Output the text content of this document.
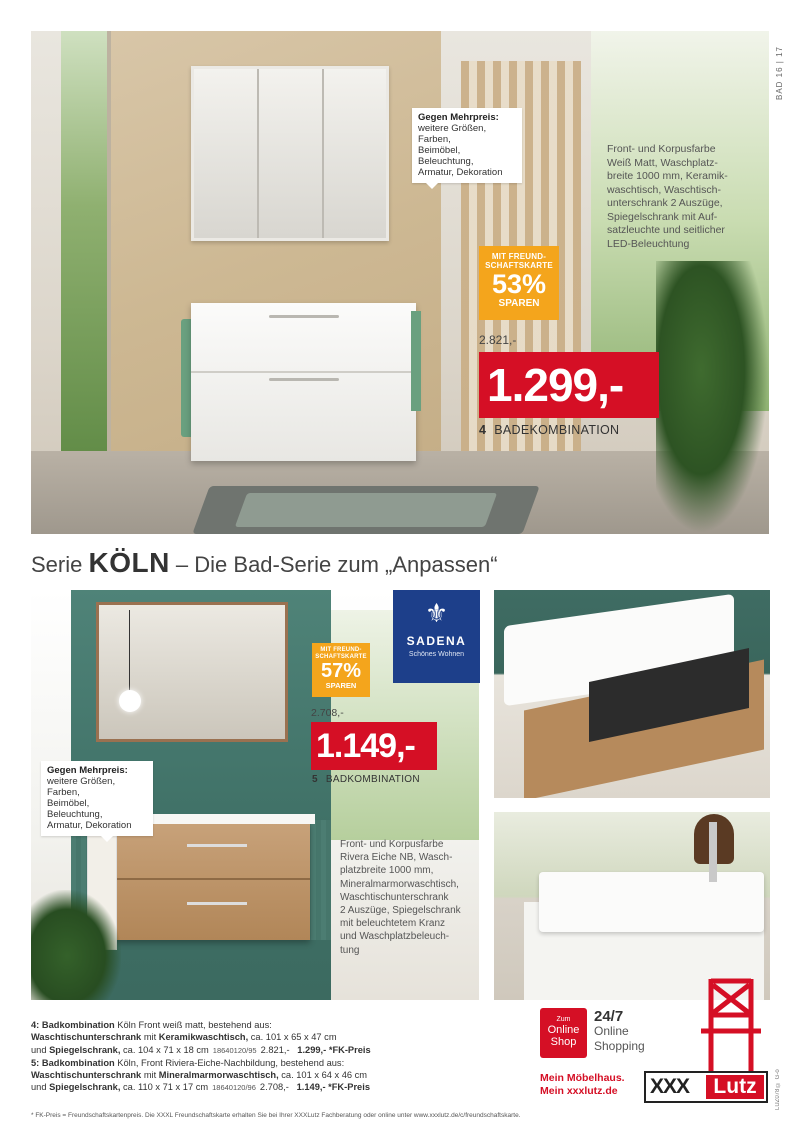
Gegen Mehrpreis:
weitere Größen, Farben,
Beimöbel, Beleuchtung,
Armatur, Dekoration
Front- und Korpusfarbe
Weiß Matt, Waschplatz-
breite 1000 mm, Keramik-
waschtisch, Waschtisch-
unterschrank 2 Auszüge,
Spiegelschrank mit Auf-
satzleuchte und seitlicher
LED-Beleuchtung
MIT FREUND-
SCHAFTSKARTE
53%
SPAREN
2.821,-
1.299,-
4 BADEKOMBINATION
BAD 16 | 17
Serie KÖLN – Die Bad-Serie zum „Anpassen“
Gegen Mehrpreis:
weitere Größen, Farben,
Beimöbel, Beleuchtung,
Armatur, Dekoration
Front- und Korpusfarbe
Rivera Eiche NB, Wasch-
platzbreite 1000 mm,
Mineralmarmorwaschtisch,
Waschtischunterschrank
2 Auszüge, Spiegelschrank
mit beleuchtetem Kranz
und Waschplatzbeleuch-
tung
MIT FREUND-
SCHAFTSKARTE
57%
SPAREN
2.708,-
1.149,-
5 BADKOMBINATION
⚜
SADENA
Schönes Wohnen
4: Badkombination Köln Front weiß matt, bestehend aus:
Waschtischunterschrank mit Keramikwaschtisch, ca. 101 x 65 x 47 cm
und Spiegelschrank, ca. 104 x 71 x 18 cm 18640120/95 2.821,- 1.299,- *FK-Preis
5: Badkombination Köln, Front Riviera-Eiche-Nachbildung, bestehend aus:
Waschtischunterschrank mit Mineralmarmorwaschtisch, ca. 101 x 64 x 46 cm
und Spiegelschrank, ca. 110 x 71 x 17 cm 18640120/96 2.708,- 1.149,- *FK-Preis
* FK-Preis = Freundschaftskartenpreis. Die XXXL Freundschaftskarte erhalten Sie bei Ihrer XXXLutz Fachberatung oder online unter www.xxxlutz.de/c/freundschaftskarte.
Zum
Online
Shop
24/7
Online
Shopping
Mein Möbelhaus.
Mein xxxlutz.de	XXX	Lutz	LUZ078 © G-o
